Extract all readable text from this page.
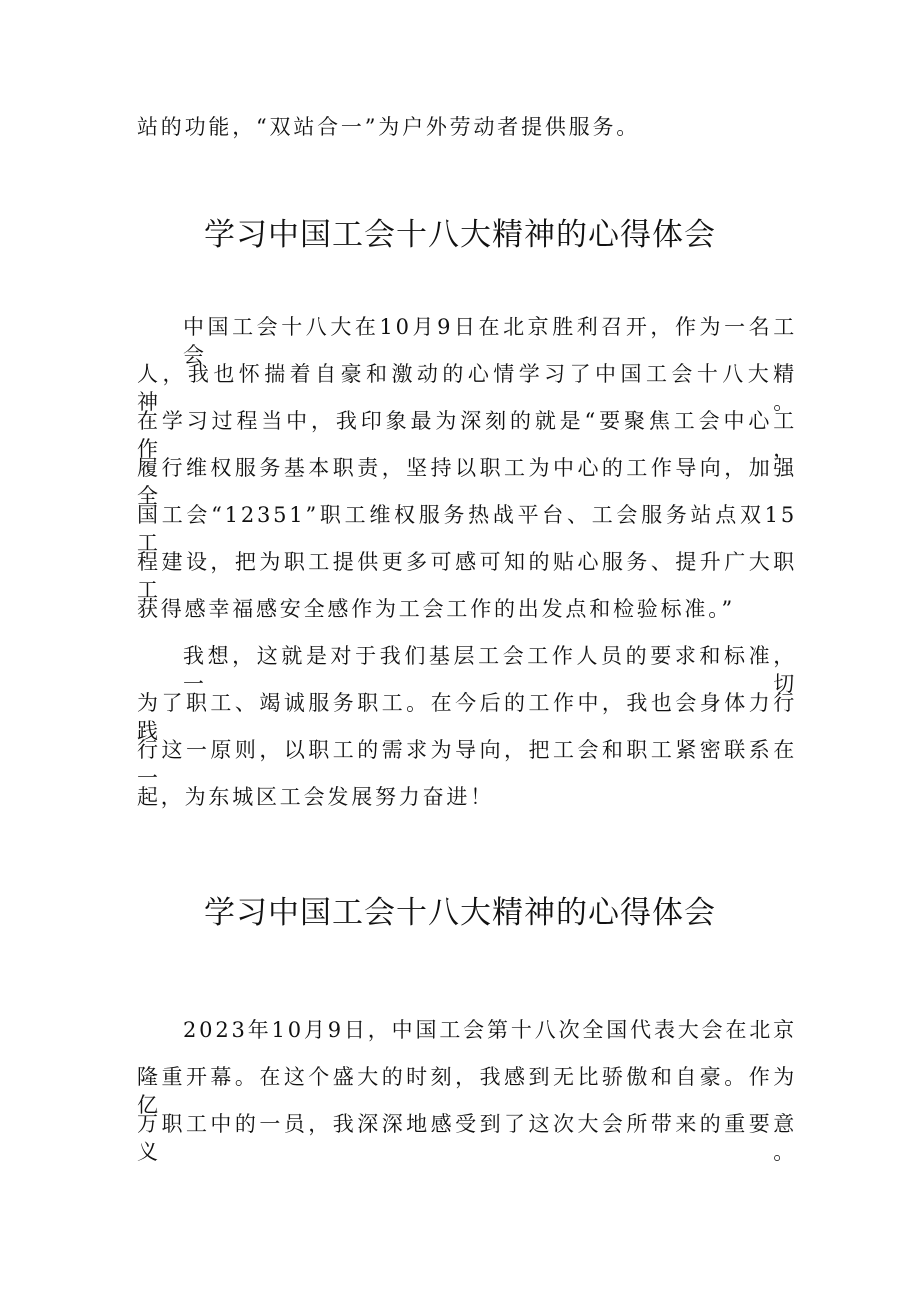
站的功能，“双站合一”为户外劳动者提供服务。
学习中国工会十八大精神的心得体会
中国工会十八大在10月9日在北京胜利召开，作为一名工会
人，我也怀揣着自豪和激动的心情学习了中国工会十八大精神。
在学习过程当中，我印象最为深刻的就是“要聚焦工会中心工作，
履行维权服务基本职责，坚持以职工为中心的工作导向，加强全
国工会“12351”职工维权服务热战平台、工会服务站点双15工
程建设，把为职工提供更多可感可知的贴心服务、提升广大职工
获得感幸福感安全感作为工会工作的出发点和检验标准。”
我想，这就是对于我们基层工会工作人员的要求和标准，一切
为了职工、竭诚服务职工。在今后的工作中，我也会身体力行践
行这一原则，以职工的需求为导向，把工会和职工紧密联系在一
起，为东城区工会发展努力奋进！
学习中国工会十八大精神的心得体会
2023年10月9日，中国工会第十八次全国代表大会在北京
隆重开幕。在这个盛大的时刻，我感到无比骄傲和自豪。作为亿
万职工中的一员，我深深地感受到了这次大会所带来的重要意义。
